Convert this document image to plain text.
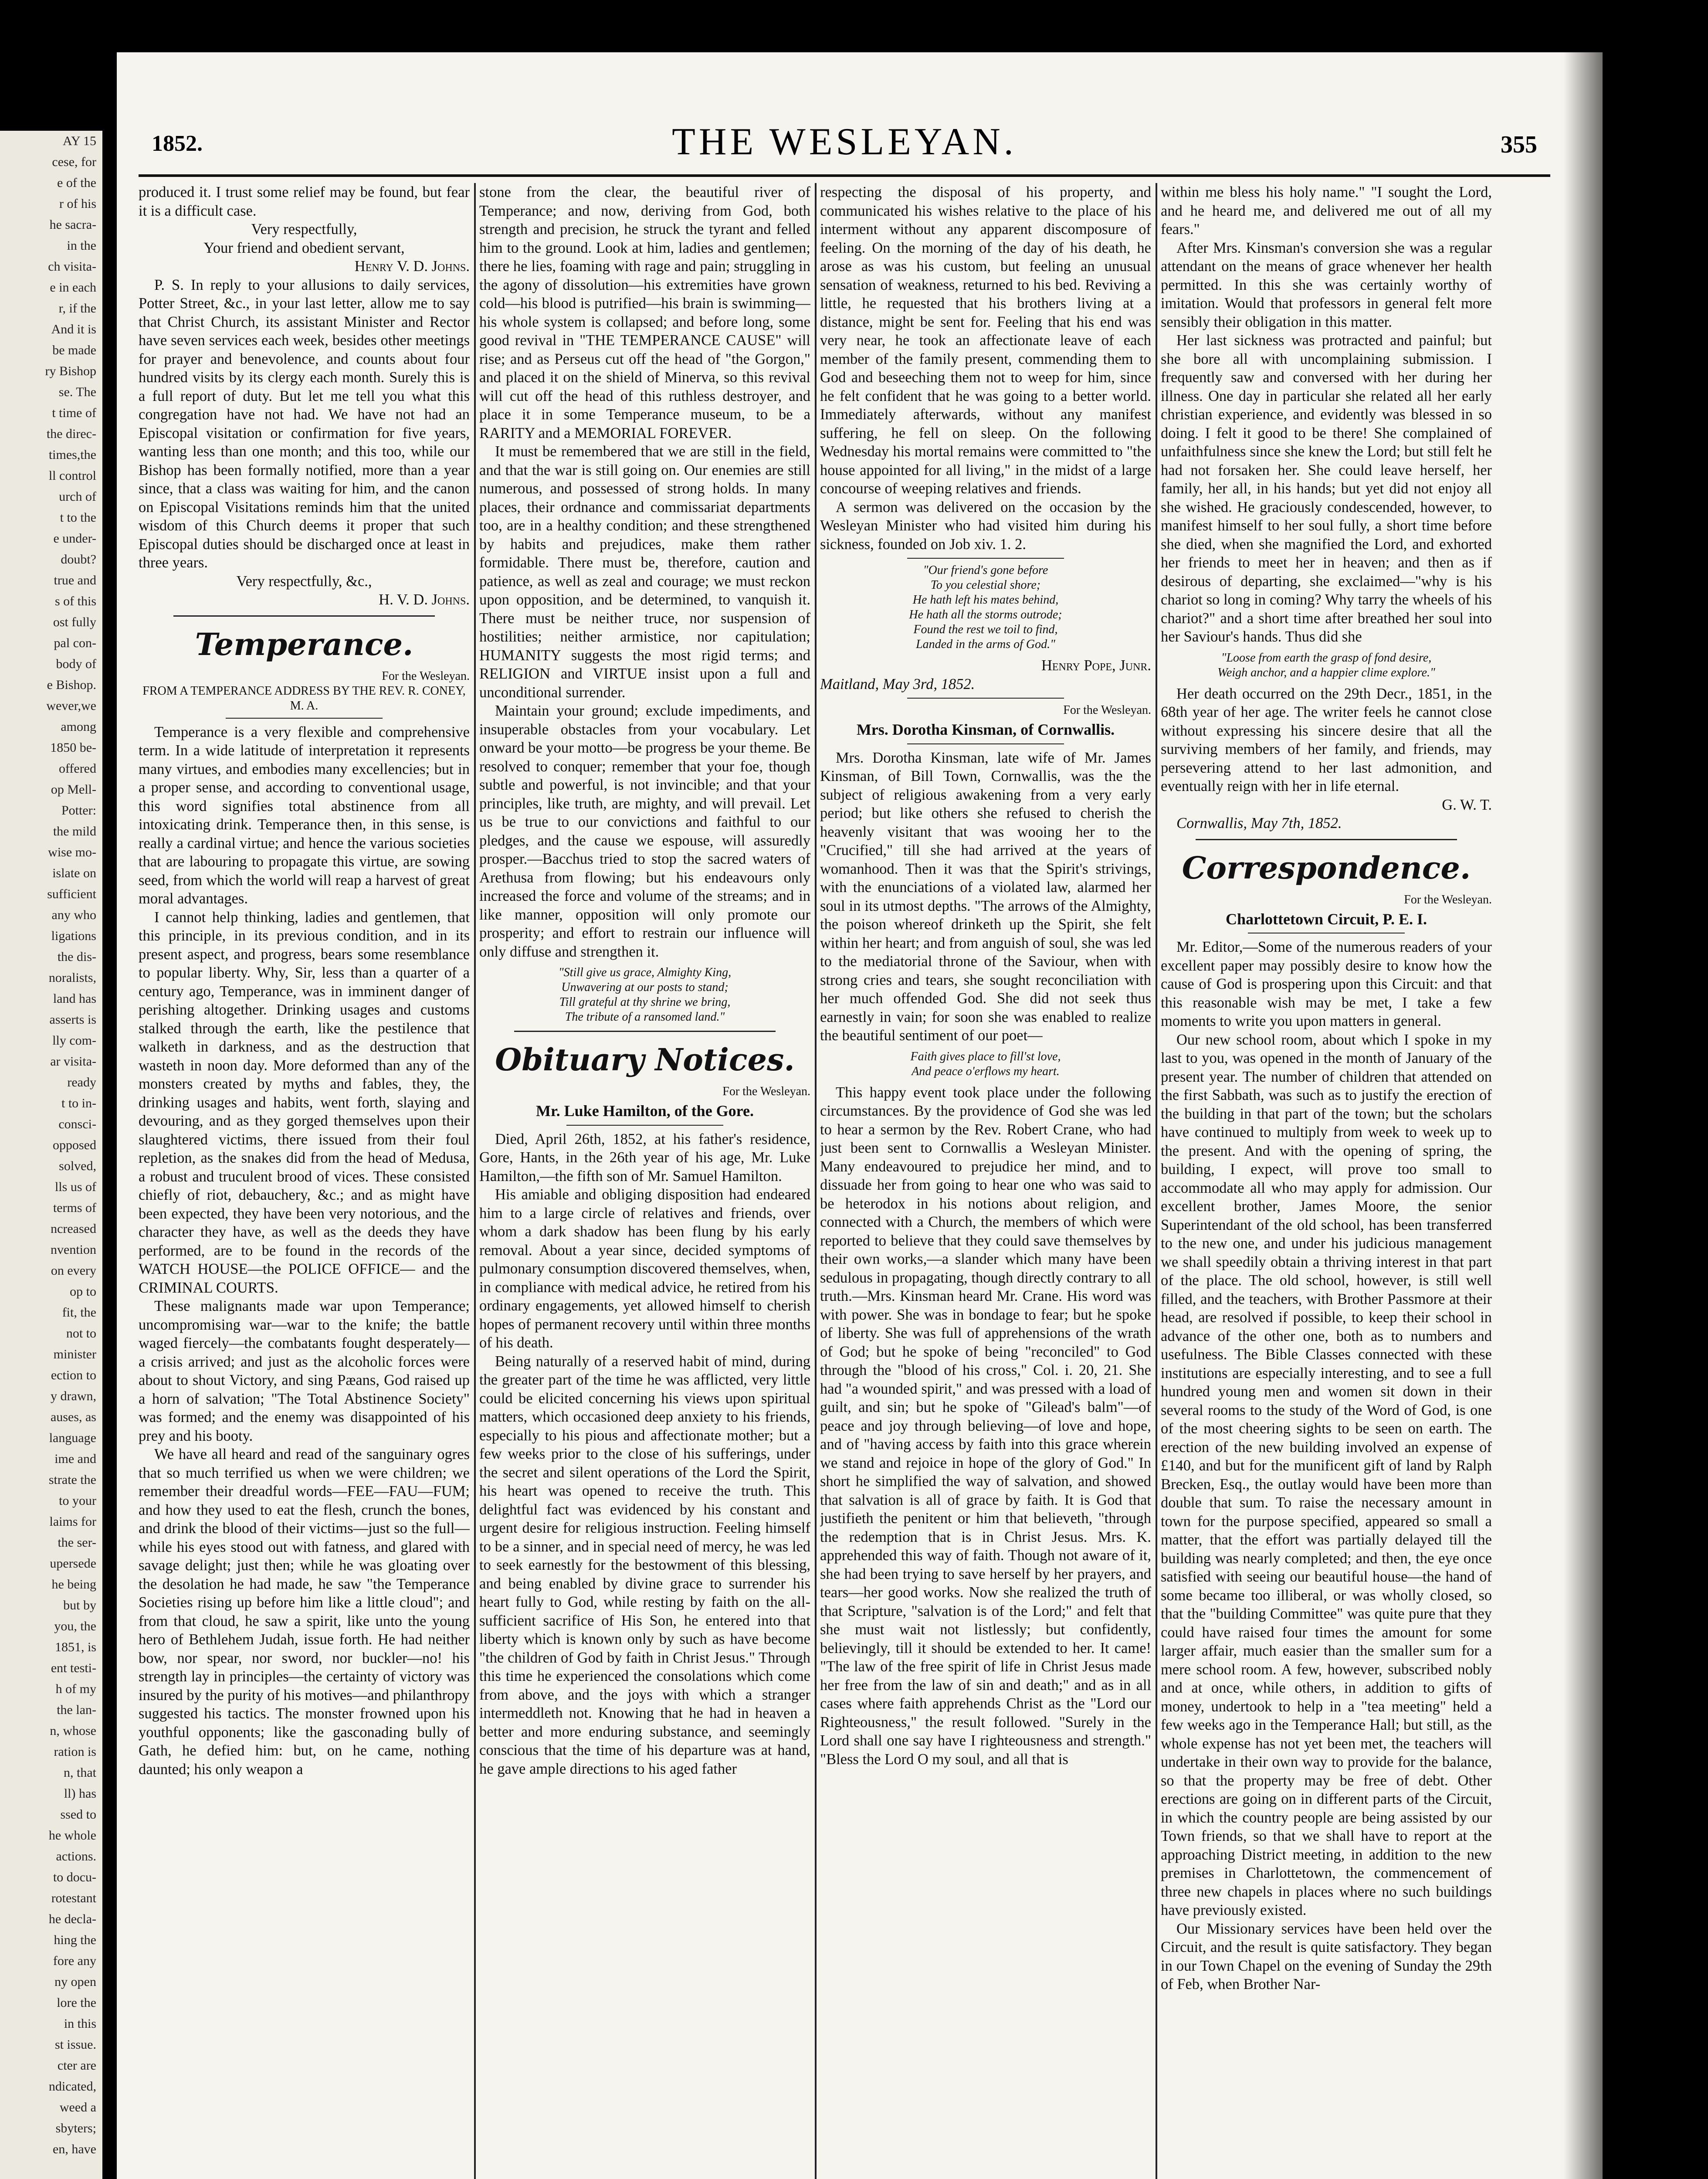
AY 15
cese, for
e of the
r of his
he sacra-
in the
ch visita-
e in each
r, if the
And it is
be made
ry Bishop
se. The
t time of
the direc-
times,the
ll control
urch of
t to the
e under-
doubt?
true and
s of this
ost fully
pal con-
body of
e Bishop.
wever,we
among
1850 be-
offered
op Mell-
Potter:
the mild
wise mo-
islate on
sufficient
any who
ligations
the dis-
noralists,
land has
asserts is
lly com-
ar visita-
ready
t to in-
consci-
opposed
solved,
lls us of
terms of
ncreased
nvention
on every
op to
fit, the
not to
minister
ection to
y drawn,
auses, as
language
ime and
strate the
to your
laims for
the ser-
upersede
he being
but by
you, the
1851, is
ent testi-
h of my
the lan-
n, whose
ration is
n, that
ll) has
ssed to
he whole
actions.
to docu-
rotestant
he decla-
hing the
fore any
ny open
lore the
in this
st issue.
cter are
ndicated,
weed a
sbyters;
en, have
1852.	THE WESLEYAN.	355

produced it. I trust some relief may be found, but fear it is a difficult case.

Very respectfully,

Your friend and obedient servant,

Henry V. D. Johns.

P. S. In reply to your allusions to daily services, Potter Street, &c., in your last letter, allow me to say that Christ Church, its assistant Minister and Rector have seven services each week, besides other meetings for prayer and benevolence, and counts about four hundred visits by its clergy each month. Surely this is a full report of duty. But let me tell you what this congregation have not had. We have not had an Episcopal visitation or confirmation for five years, wanting less than one month; and this too, while our Bishop has been formally notified, more than a year since, that a class was waiting for him, and the canon on Episcopal Visitations reminds him that the united wisdom of this Church deems it proper that such Episcopal duties should be discharged once at least in three years.

Very respectfully, &c.,

H. V. D. Johns.

Temperance.

For the Wesleyan.

FROM A TEMPERANCE ADDRESS BY THE REV. R. CONEY, M. A.

Temperance is a very flexible and comprehensive term. In a wide latitude of interpretation it represents many virtues, and embodies many excellencies; but in a proper sense, and according to conventional usage, this word signifies total abstinence from all intoxicating drink. Temperance then, in this sense, is really a cardinal virtue; and hence the various societies that are labouring to propagate this virtue, are sowing seed, from which the world will reap a harvest of great moral advantages.

I cannot help thinking, ladies and gentlemen, that this principle, in its previous condition, and in its present aspect, and progress, bears some resemblance to popular liberty. Why, Sir, less than a quarter of a century ago, Temperance, was in imminent danger of perishing altogether. Drinking usages and customs stalked through the earth, like the pestilence that walketh in darkness, and as the destruction that wasteth in noon day. More deformed than any of the monsters created by myths and fables, they, the drinking usages and habits, went forth, slaying and devouring, and as they gorged themselves upon their slaughtered victims, there issued from their foul repletion, as the snakes did from the head of Medusa, a robust and truculent brood of vices. These consisted chiefly of riot, debauchery, &c.; and as might have been expected, they have been very notorious, and the character they have, as well as the deeds they have performed, are to be found in the records of the WATCH HOUSE—the POLICE OFFICE— and the CRIMINAL COURTS.

These malignants made war upon Temperance; uncompromising war—war to the knife; the battle waged fiercely—the combatants fought desperately—a crisis arrived; and just as the alcoholic forces were about to shout Victory, and sing Pæans, God raised up a horn of salvation; "The Total Abstinence Society" was formed; and the enemy was disappointed of his prey and his booty.

We have all heard and read of the sanguinary ogres that so much terrified us when we were children; we remember their dreadful words—FEE—FAU—FUM; and how they used to eat the flesh, crunch the bones, and drink the blood of their victims—just so the full—while his eyes stood out with fatness, and glared with savage delight; just then; while he was gloating over the desolation he had made, he saw "the Temperance Societies rising up before him like a little cloud"; and from that cloud, he saw a spirit, like unto the young hero of Bethlehem Judah, issue forth. He had neither bow, nor spear, nor sword, nor buckler—no! his strength lay in principles—the certainty of victory was insured by the purity of his motives—and philanthropy suggested his tactics. The monster frowned upon his youthful opponents; like the gasconading bully of Gath, he defied him: but, on he came, nothing daunted; his only weapon a

stone from the clear, the beautiful river of Temperance; and now, deriving from God, both strength and precision, he struck the tyrant and felled him to the ground. Look at him, ladies and gentlemen; there he lies, foaming with rage and pain; struggling in the agony of dissolution—his extremities have grown cold—his blood is putrified—his brain is swimming—his whole system is collapsed; and before long, some good revival in "THE TEMPERANCE CAUSE" will rise; and as Perseus cut off the head of "the Gorgon," and placed it on the shield of Minerva, so this revival will cut off the head of this ruthless destroyer, and place it in some Temperance museum, to be a RARITY and a MEMORIAL FOREVER.

It must be remembered that we are still in the field, and that the war is still going on. Our enemies are still numerous, and possessed of strong holds. In many places, their ordnance and commissariat departments too, are in a healthy condition; and these strengthened by habits and prejudices, make them rather formidable. There must be, therefore, caution and patience, as well as zeal and courage; we must reckon upon opposition, and be determined, to vanquish it. There must be neither truce, nor suspension of hostilities; neither armistice, nor capitulation; HUMANITY suggests the most rigid terms; and RELIGION and VIRTUE insist upon a full and unconditional surrender.

Maintain your ground; exclude impediments, and insuperable obstacles from your vocabulary. Let onward be your motto—be progress be your theme. Be resolved to conquer; remember that your foe, though subtle and powerful, is not invincible; and that your principles, like truth, are mighty, and will prevail. Let us be true to our convictions and faithful to our pledges, and the cause we espouse, will assuredly prosper.—Bacchus tried to stop the sacred waters of Arethusa from flowing; but his endeavours only increased the force and volume of the streams; and in like manner, opposition will only promote our prosperity; and effort to restrain our influence will only diffuse and strengthen it.

"Still give us grace, Almighty King,
Unwavering at our posts to stand;
Till grateful at thy shrine we bring,
The tribute of a ransomed land."
Obituary Notices.

For the Wesleyan.

Mr. Luke Hamilton, of the Gore.

Died, April 26th, 1852, at his father's residence, Gore, Hants, in the 26th year of his age, Mr. Luke Hamilton,—the fifth son of Mr. Samuel Hamilton.

His amiable and obliging disposition had endeared him to a large circle of relatives and friends, over whom a dark shadow has been flung by his early removal. About a year since, decided symptoms of pulmonary consumption discovered themselves, when, in compliance with medical advice, he retired from his ordinary engagements, yet allowed himself to cherish hopes of permanent recovery until within three months of his death.

Being naturally of a reserved habit of mind, during the greater part of the time he was afflicted, very little could be elicited concerning his views upon spiritual matters, which occasioned deep anxiety to his friends, especially to his pious and affectionate mother; but a few weeks prior to the close of his sufferings, under the secret and silent operations of the Lord the Spirit, his heart was opened to receive the truth. This delightful fact was evidenced by his constant and urgent desire for religious instruction. Feeling himself to be a sinner, and in special need of mercy, he was led to seek earnestly for the bestowment of this blessing, and being enabled by divine grace to surrender his heart fully to God, while resting by faith on the all-sufficient sacrifice of His Son, he entered into that liberty which is known only by such as have become "the children of God by faith in Christ Jesus." Through this time he experienced the consolations which come from above, and the joys with which a stranger intermeddleth not. Knowing that he had in heaven a better and more enduring substance, and seemingly conscious that the time of his departure was at hand, he gave ample directions to his aged father

respecting the disposal of his property, and communicated his wishes relative to the place of his interment without any apparent discomposure of feeling. On the morning of the day of his death, he arose as was his custom, but feeling an unusual sensation of weakness, returned to his bed. Reviving a little, he requested that his brothers living at a distance, might be sent for. Feeling that his end was very near, he took an affectionate leave of each member of the family present, commending them to God and beseeching them not to weep for him, since he felt confident that he was going to a better world. Immediately afterwards, without any manifest suffering, he fell on sleep. On the following Wednesday his mortal remains were committed to "the house appointed for all living," in the midst of a large concourse of weeping relatives and friends.

A sermon was delivered on the occasion by the Wesleyan Minister who had visited him during his sickness, founded on Job xiv. 1. 2.

"Our friend's gone before
To you celestial shore;
He hath left his mates behind,
He hath all the storms outrode;
Found the rest we toil to find,
Landed in the arms of God."

Henry Pope, Junr.

Maitland, May 3rd, 1852.

For the Wesleyan.

Mrs. Dorotha Kinsman, of Cornwallis.

Mrs. Dorotha Kinsman, late wife of Mr. James Kinsman, of Bill Town, Cornwallis, was the the subject of religious awakening from a very early period; but like others she refused to cherish the heavenly visitant that was wooing her to the "Crucified," till she had arrived at the years of womanhood. Then it was that the Spirit's strivings, with the enunciations of a violated law, alarmed her soul in its utmost depths. "The arrows of the Almighty, the poison whereof drinketh up the Spirit, she felt within her heart; and from anguish of soul, she was led to the mediatorial throne of the Saviour, when with strong cries and tears, she sought reconciliation with her much offended God. She did not seek thus earnestly in vain; for soon she was enabled to realize the beautiful sentiment of our poet—

Faith gives place to fill'st love,
And peace o'erflows my heart.

This happy event took place under the following circumstances. By the providence of God she was led to hear a sermon by the Rev. Robert Crane, who had just been sent to Cornwallis a Wesleyan Minister. Many endeavoured to prejudice her mind, and to dissuade her from going to hear one who was said to be heterodox in his notions about religion, and connected with a Church, the members of which were reported to believe that they could save themselves by their own works,—a slander which many have been sedulous in propagating, though directly contrary to all truth.—Mrs. Kinsman heard Mr. Crane. His word was with power. She was in bondage to fear; but he spoke of liberty. She was full of apprehensions of the wrath of God; but he spoke of being "reconciled" to God through the "blood of his cross," Col. i. 20, 21. She had "a wounded spirit," and was pressed with a load of guilt, and sin; but he spoke of "Gilead's balm"—of peace and joy through believing—of love and hope, and of "having access by faith into this grace wherein we stand and rejoice in hope of the glory of God." In short he simplified the way of salvation, and showed that salvation is all of grace by faith. It is God that justifieth the penitent or him that believeth, "through the redemption that is in Christ Jesus. Mrs. K. apprehended this way of faith. Though not aware of it, she had been trying to save herself by her prayers, and tears—her good works. Now she realized the truth of that Scripture, "salvation is of the Lord;" and felt that she must wait not listlessly; but confidently, believingly, till it should be extended to her. It came! "The law of the free spirit of life in Christ Jesus made her free from the law of sin and death;" and as in all cases where faith apprehends Christ as the "Lord our Righteousness," the result followed. "Surely in the Lord shall one say have I righteousness and strength." "Bless the Lord O my soul, and all that is

within me bless his holy name." "I sought the Lord, and he heard me, and delivered me out of all my fears."

After Mrs. Kinsman's conversion she was a regular attendant on the means of grace whenever her health permitted. In this she was certainly worthy of imitation. Would that professors in general felt more sensibly their obligation in this matter.

Her last sickness was protracted and painful; but she bore all with uncomplaining submission. I frequently saw and conversed with her during her illness. One day in particular she related all her early christian experience, and evidently was blessed in so doing. I felt it good to be there! She complained of unfaithfulness since she knew the Lord; but still felt he had not forsaken her. She could leave herself, her family, her all, in his hands; but yet did not enjoy all she wished. He graciously condescended, however, to manifest himself to her soul fully, a short time before she died, when she magnified the Lord, and exhorted her friends to meet her in heaven; and then as if desirous of departing, she exclaimed—"why is his chariot so long in coming? Why tarry the wheels of his chariot?" and a short time after breathed her soul into her Saviour's hands. Thus did she

"Loose from earth the grasp of fond desire,
Weigh anchor, and a happier clime explore."

Her death occurred on the 29th Decr., 1851, in the 68th year of her age. The writer feels he cannot close without expressing his sincere desire that all the surviving members of her family, and friends, may persevering attend to her last admonition, and eventually reign with her in life eternal.

G. W. T.

Cornwallis, May 7th, 1852.

Correspondence.

For the Wesleyan.

Charlottetown Circuit, P. E. I.

Mr. Editor,—Some of the numerous readers of your excellent paper may possibly desire to know how the cause of God is prospering upon this Circuit: and that this reasonable wish may be met, I take a few moments to write you upon matters in general.

Our new school room, about which I spoke in my last to you, was opened in the month of January of the present year. The number of children that attended on the first Sabbath, was such as to justify the erection of the building in that part of the town; but the scholars have continued to multiply from week to week up to the present. And with the opening of spring, the building, I expect, will prove too small to accommodate all who may apply for admission. Our excellent brother, James Moore, the senior Superintendant of the old school, has been transferred to the new one, and under his judicious management we shall speedily obtain a thriving interest in that part of the place. The old school, however, is still well filled, and the teachers, with Brother Passmore at their head, are resolved if possible, to keep their school in advance of the other one, both as to numbers and usefulness. The Bible Classes connected with these institutions are especially interesting, and to see a full hundred young men and women sit down in their several rooms to the study of the Word of God, is one of the most cheering sights to be seen on earth. The erection of the new building involved an expense of £140, and but for the munificent gift of land by Ralph Brecken, Esq., the outlay would have been more than double that sum. To raise the necessary amount in town for the purpose specified, appeared so small a matter, that the effort was partially delayed till the building was nearly completed; and then, the eye once satisfied with seeing our beautiful house—the hand of some became too illiberal, or was wholly closed, so that the "building Committee" was quite pure that they could have raised four times the amount for some larger affair, much easier than the smaller sum for a mere school room. A few, however, subscribed nobly and at once, while others, in addition to gifts of money, undertook to help in a "tea meeting" held a few weeks ago in the Temperance Hall; but still, as the whole expense has not yet been met, the teachers will undertake in their own way to provide for the balance, so that the property may be free of debt. Other erections are going on in different parts of the Circuit, in which the country people are being assisted by our Town friends, so that we shall have to report at the approaching District meeting, in addition to the new premises in Charlottetown, the commencement of three new chapels in places where no such buildings have previously existed.

Our Missionary services have been held over the Circuit, and the result is quite satisfactory. They began in our Town Chapel on the evening of Sunday the 29th of Feb, when Brother Nar-
